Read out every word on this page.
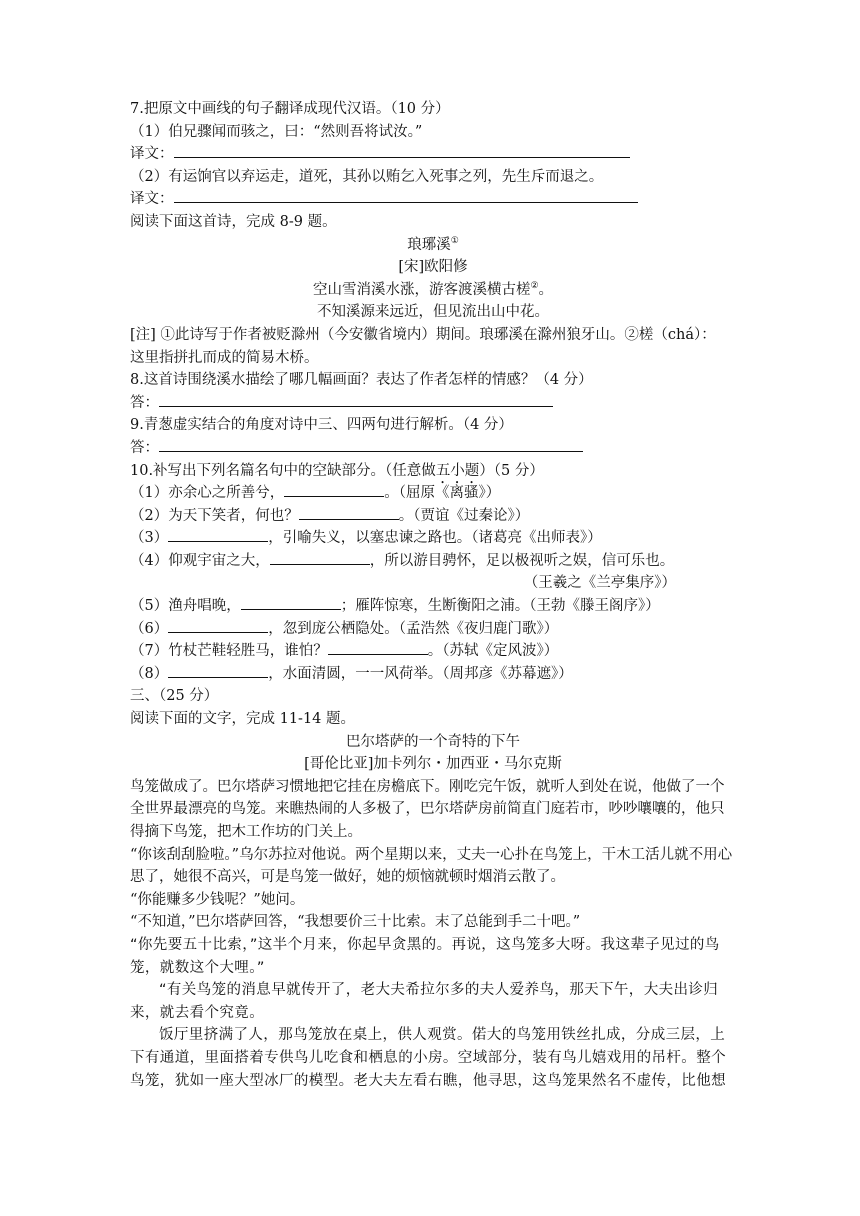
7.把原文中画线的句子翻译成现代汉语。（10 分）
（1）伯兄骤闻而骇之，曰：“然则吾将试汝。”
译文：
（2）有运饷官以弃运走，道死，其孙以贿乞入死事之列，先生斥而退之。
译文：
阅读下面这首诗，完成 8-9 题。
琅琊溪①
[宋]欧阳修
空山雪消溪水涨，游客渡溪横古槎②。
不知溪源来远近，但见流出山中花。
[注] ①此诗写于作者被贬滁州（今安徽省境内）期间。琅琊溪在滁州狼牙山。②槎（chá）：
这里指拼扎而成的简易木桥。
8.这首诗围绕溪水描绘了哪几幅画面？表达了作者怎样的情感？（4 分）
答：
9.青葱虚实结合的角度对诗中三、四两句进行解析。（4 分）
答：
10.补写出下列名篇名句中的空缺部分。（任意做五小题）（5 分）
（1）亦余心之所善兮，	。（屈原《离骚》）
（2）为天下笑者，何也？	。（贾谊《过秦论》）
（3）	，引喻失义，以塞忠谏之路也。（诸葛亮《出师表》）
（4）仰观宇宙之大，	，所以游目骋怀，足以极视听之娱，信可乐也。
（王羲之《兰亭集序》）
（5）渔舟唱晚，	；雁阵惊寒，生断衡阳之浦。（王勃《滕王阁序》）
（6）	，忽到庞公栖隐处。（孟浩然《夜归鹿门歌》）
（7）竹杖芒鞋轻胜马，谁怕？	。（苏轼《定风波》）
（8）	，水面清圆，一一风荷举。（周邦彦《苏幕遮》）
三、（25 分）
阅读下面的文字，完成 11-14 题。
巴尔塔萨的一个奇特的下午
[哥伦比亚]加卡列尔・加西亚・马尔克斯

鸟笼做成了。巴尔塔萨习惯地把它挂在房檐底下。刚吃完午饭，就听人到处在说，他做了一个全世界最漂亮的鸟笼。来瞧热闹的人多极了，巴尔塔萨房前简直门庭若市，吵吵嚷嚷的，他只得摘下鸟笼，把木工作坊的门关上。

“你该刮刮脸啦。”乌尔苏拉对他说。两个星期以来，丈夫一心扑在鸟笼上，干木工活儿就不用心思了，她很不高兴，可是鸟笼一做好，她的烦恼就顿时烟消云散了。

“你能赚多少钱呢？”她问。

“不知道，”巴尔塔萨回答，“我想要价三十比索。末了总能到手二十吧。”

“你先要五十比索，”这半个月来，你起早贪黑的。再说，这鸟笼多大呀。我这辈子见过的鸟笼，就数这个大哩。”

“有关鸟笼的消息早就传开了，老大夫希拉尔多的夫人爱养鸟，那天下午，大夫出诊归来，就去看个究竟。

饭厅里挤满了人，那鸟笼放在桌上，供人观赏。偌大的鸟笼用铁丝扎成，分成三层，上下有通道，里面搭着专供鸟儿吃食和栖息的小房。空域部分，装有鸟儿嬉戏用的吊杆。整个鸟笼，犹如一座大型冰厂的模型。老大夫左看右瞧，他寻思，这鸟笼果然名不虚传，比他想
